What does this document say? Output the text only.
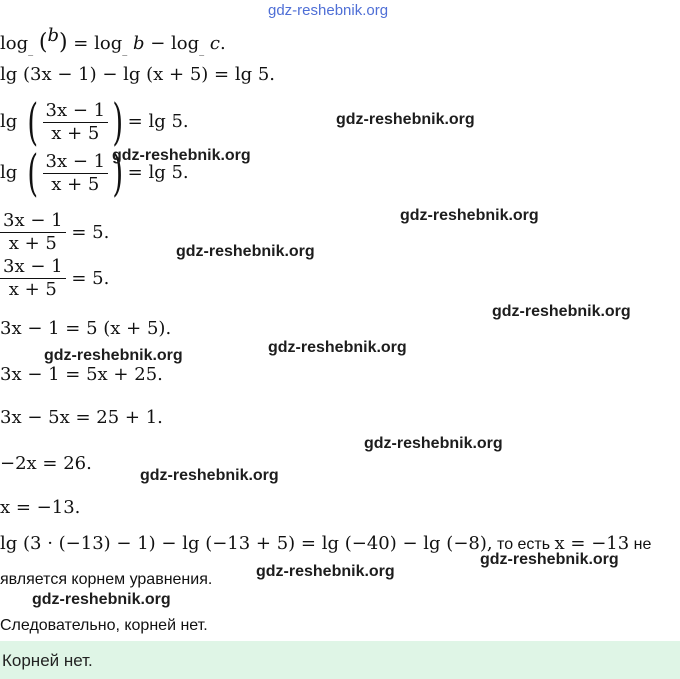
gdz-reshebnik.org
$\log_{\_} (b) = \log_{\_} b - \log_{\_} c$.
lg (3x − 1) − lg (x + 5) = lg 5.
lg ( $\frac{3x - 1}{x + 5}$ ) = lg 5.
lg ( $\frac{3x - 1}{x + 5}$ ) = lg 5.
$\frac{3x - 1}{x + 5}$
= 5.
$\frac{3x - 1}{x + 5}$
= 5.
3x − 1 = 5 (x + 5).
3x − 1 = 5x + 25.
3x − 5x = 25 + 1.
−2x = 26.
x = −13.
lg (3 · (−13) − 1) − lg (−13 + 5) = lg (−40) − lg (−8), то есть x = −13 не
является корнем уравнения.
Следовательно, корней нет.
Корней нет.
gdz-reshebnik.org
gdz-reshebnik.org
gdz-reshebnik.org
gdz-reshebnik.org
gdz-reshebnik.org
gdz-reshebnik.org
gdz-reshebnik.org
gdz-reshebnik.org
gdz-reshebnik.org
gdz-reshebnik.org
gdz-reshebnik.org
gdz-reshebnik.org
